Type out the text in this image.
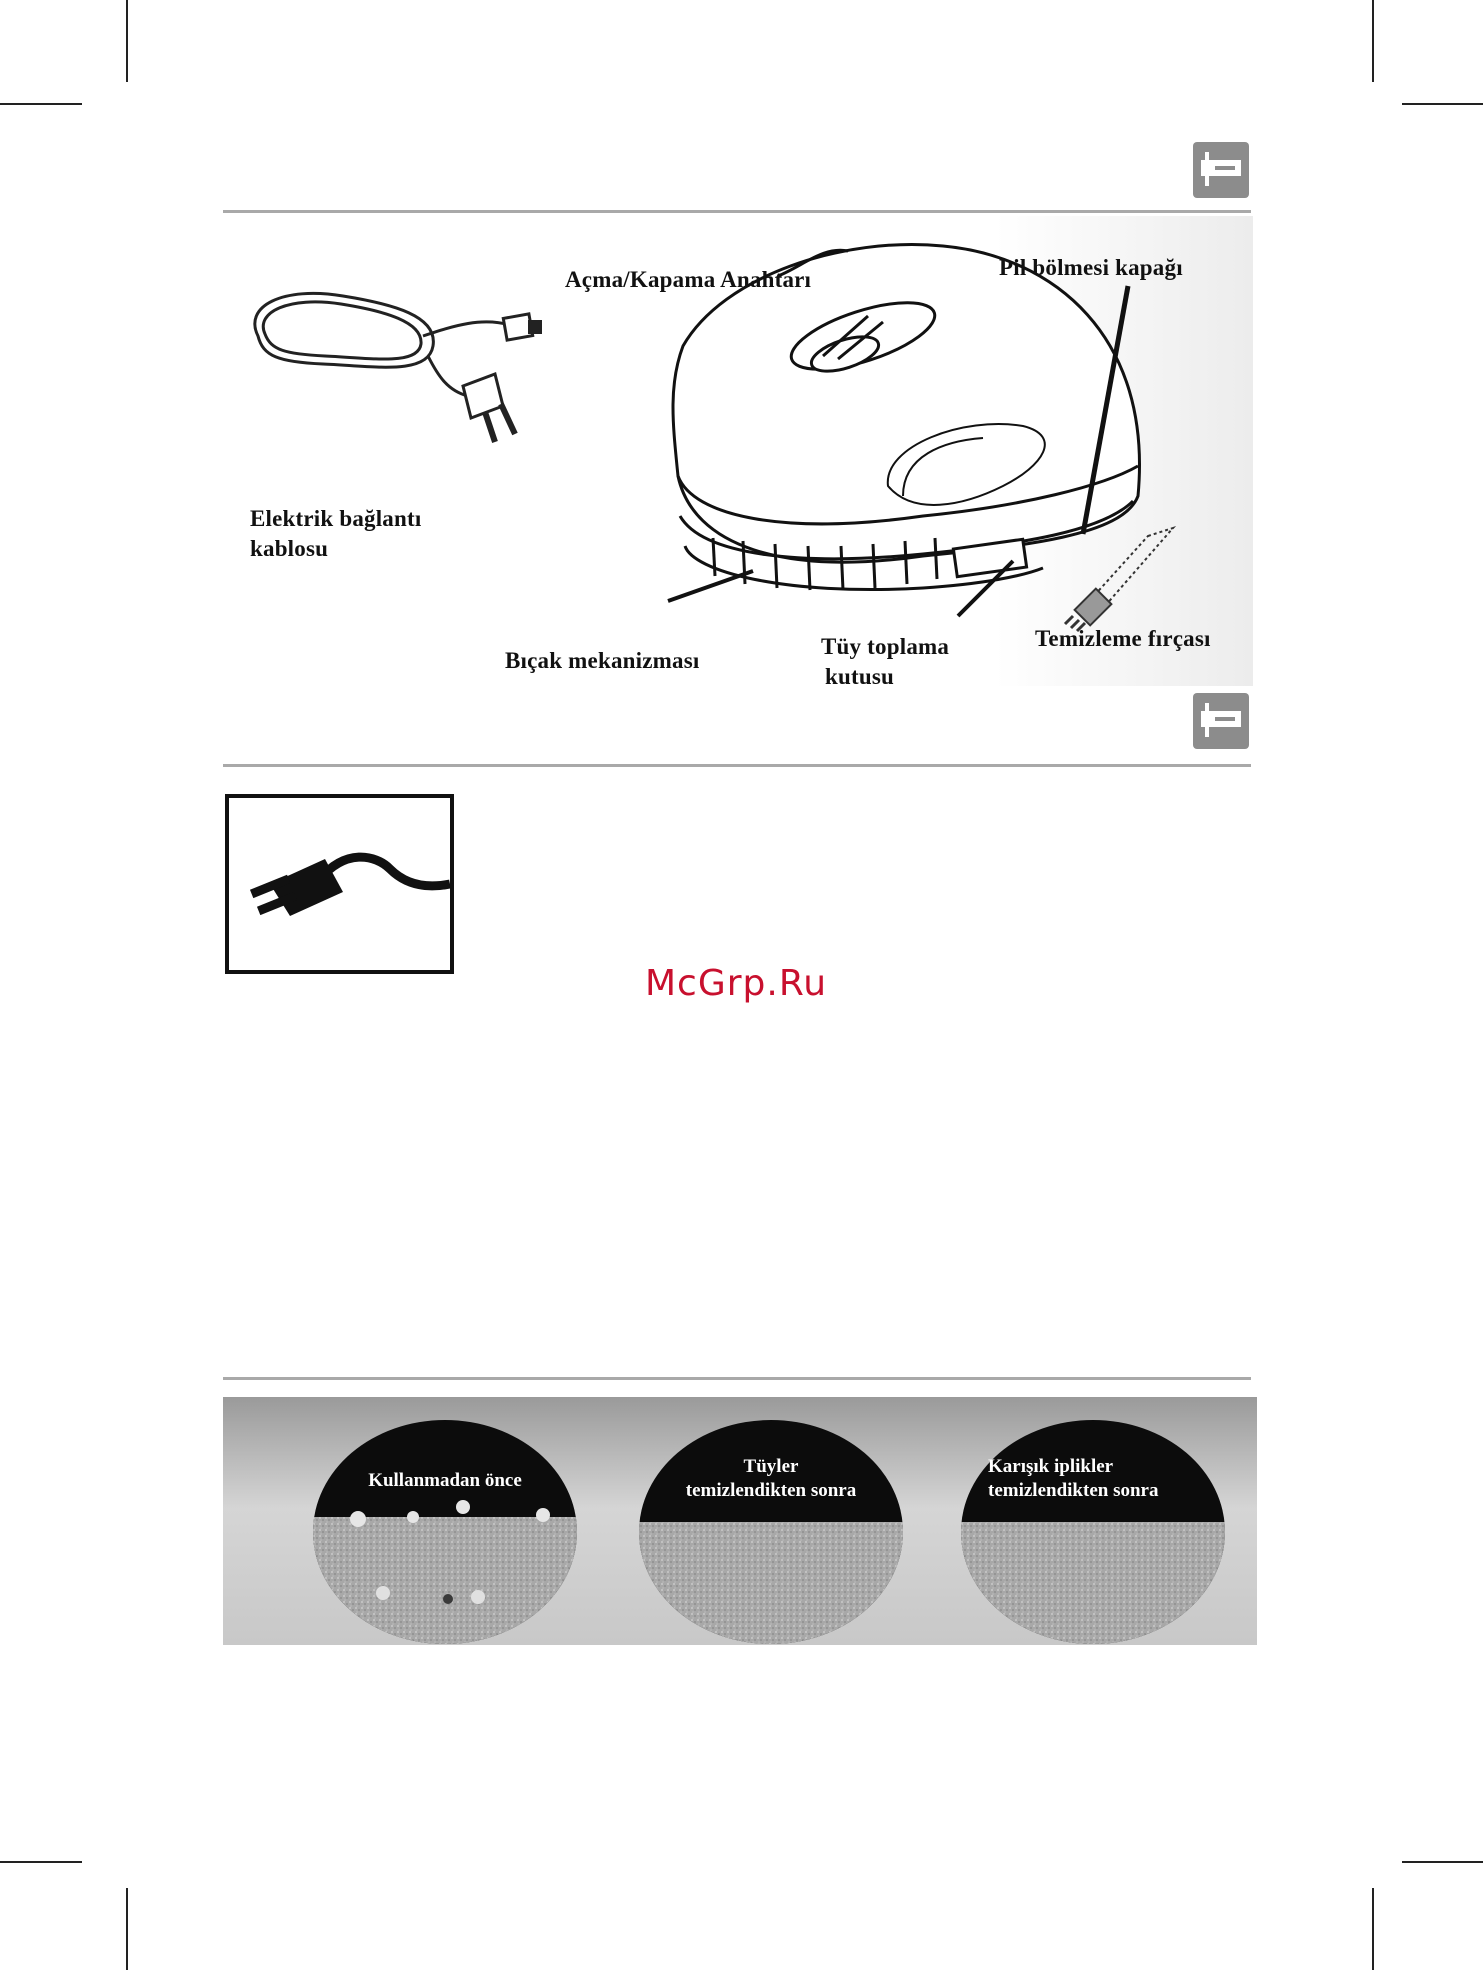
Açma/Kapama Anahtarı	Pil bölmesi kapağı
Elektrik bağlantı
kablosu
Bıçak mekanizması
Tüy toplama
kutusu
Temizleme fırçası
McGrp.Ru
Kullanmadan önce
Tüyler
temizlendikten sonra
Karışık iplikler
temizlendikten sonra
